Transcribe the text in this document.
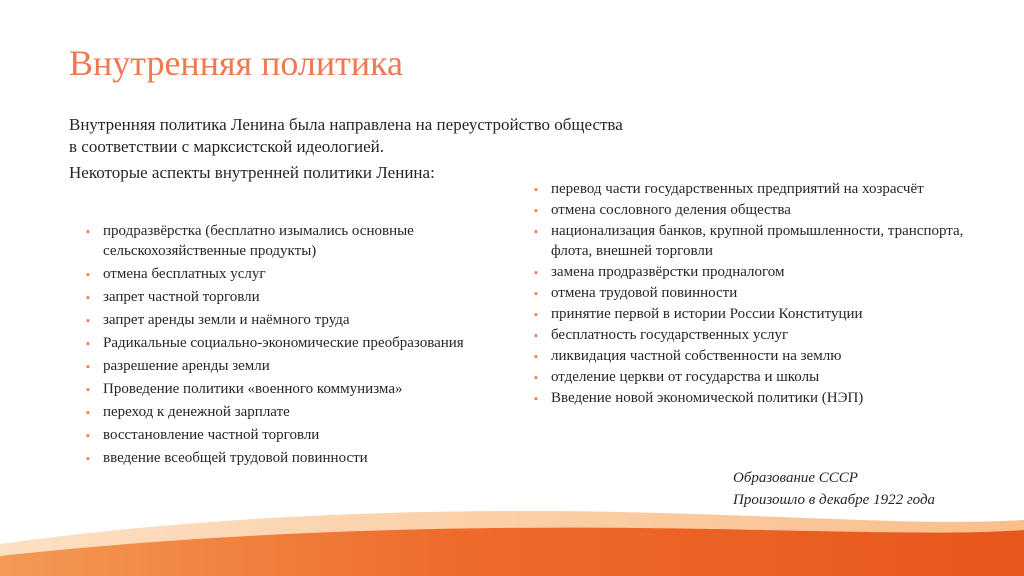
Внутренняя политика

Внутренняя политика Ленина была направлена на переустройство общества в соответствии с марксистской идеологией.

Некоторые аспекты внутренней политики Ленина:

▪ продразвёрстка (бесплатно изымались основные сельскохозяйственные продукты)
▪ отмена бесплатных услуг
▪ запрет частной торговли
▪ запрет аренды земли и наёмного труда
▪ Радикальные социально-экономические преобразования
▪ разрешение аренды земли
▪ Проведение политики «военного коммунизма»
▪ переход к денежной зарплате
▪ восстановление частной торговли
▪ введение всеобщей трудовой повинности
▪ перевод части государственных предприятий на хозрасчёт
▪ отмена сословного деления общества
▪ национализация банков, крупной промышленности, транспорта, флота, внешней торговли
▪ замена продразвёрстки продналогом
▪ отмена трудовой повинности
▪ принятие первой в истории России Конституции
▪ бесплатность государственных услуг
▪ ликвидация частной собственности на землю
▪ отделение церкви от государства и школы
▪ Введение новой экономической политики (НЭП)
Образование СССР
Произошло в декабре 1922 года
